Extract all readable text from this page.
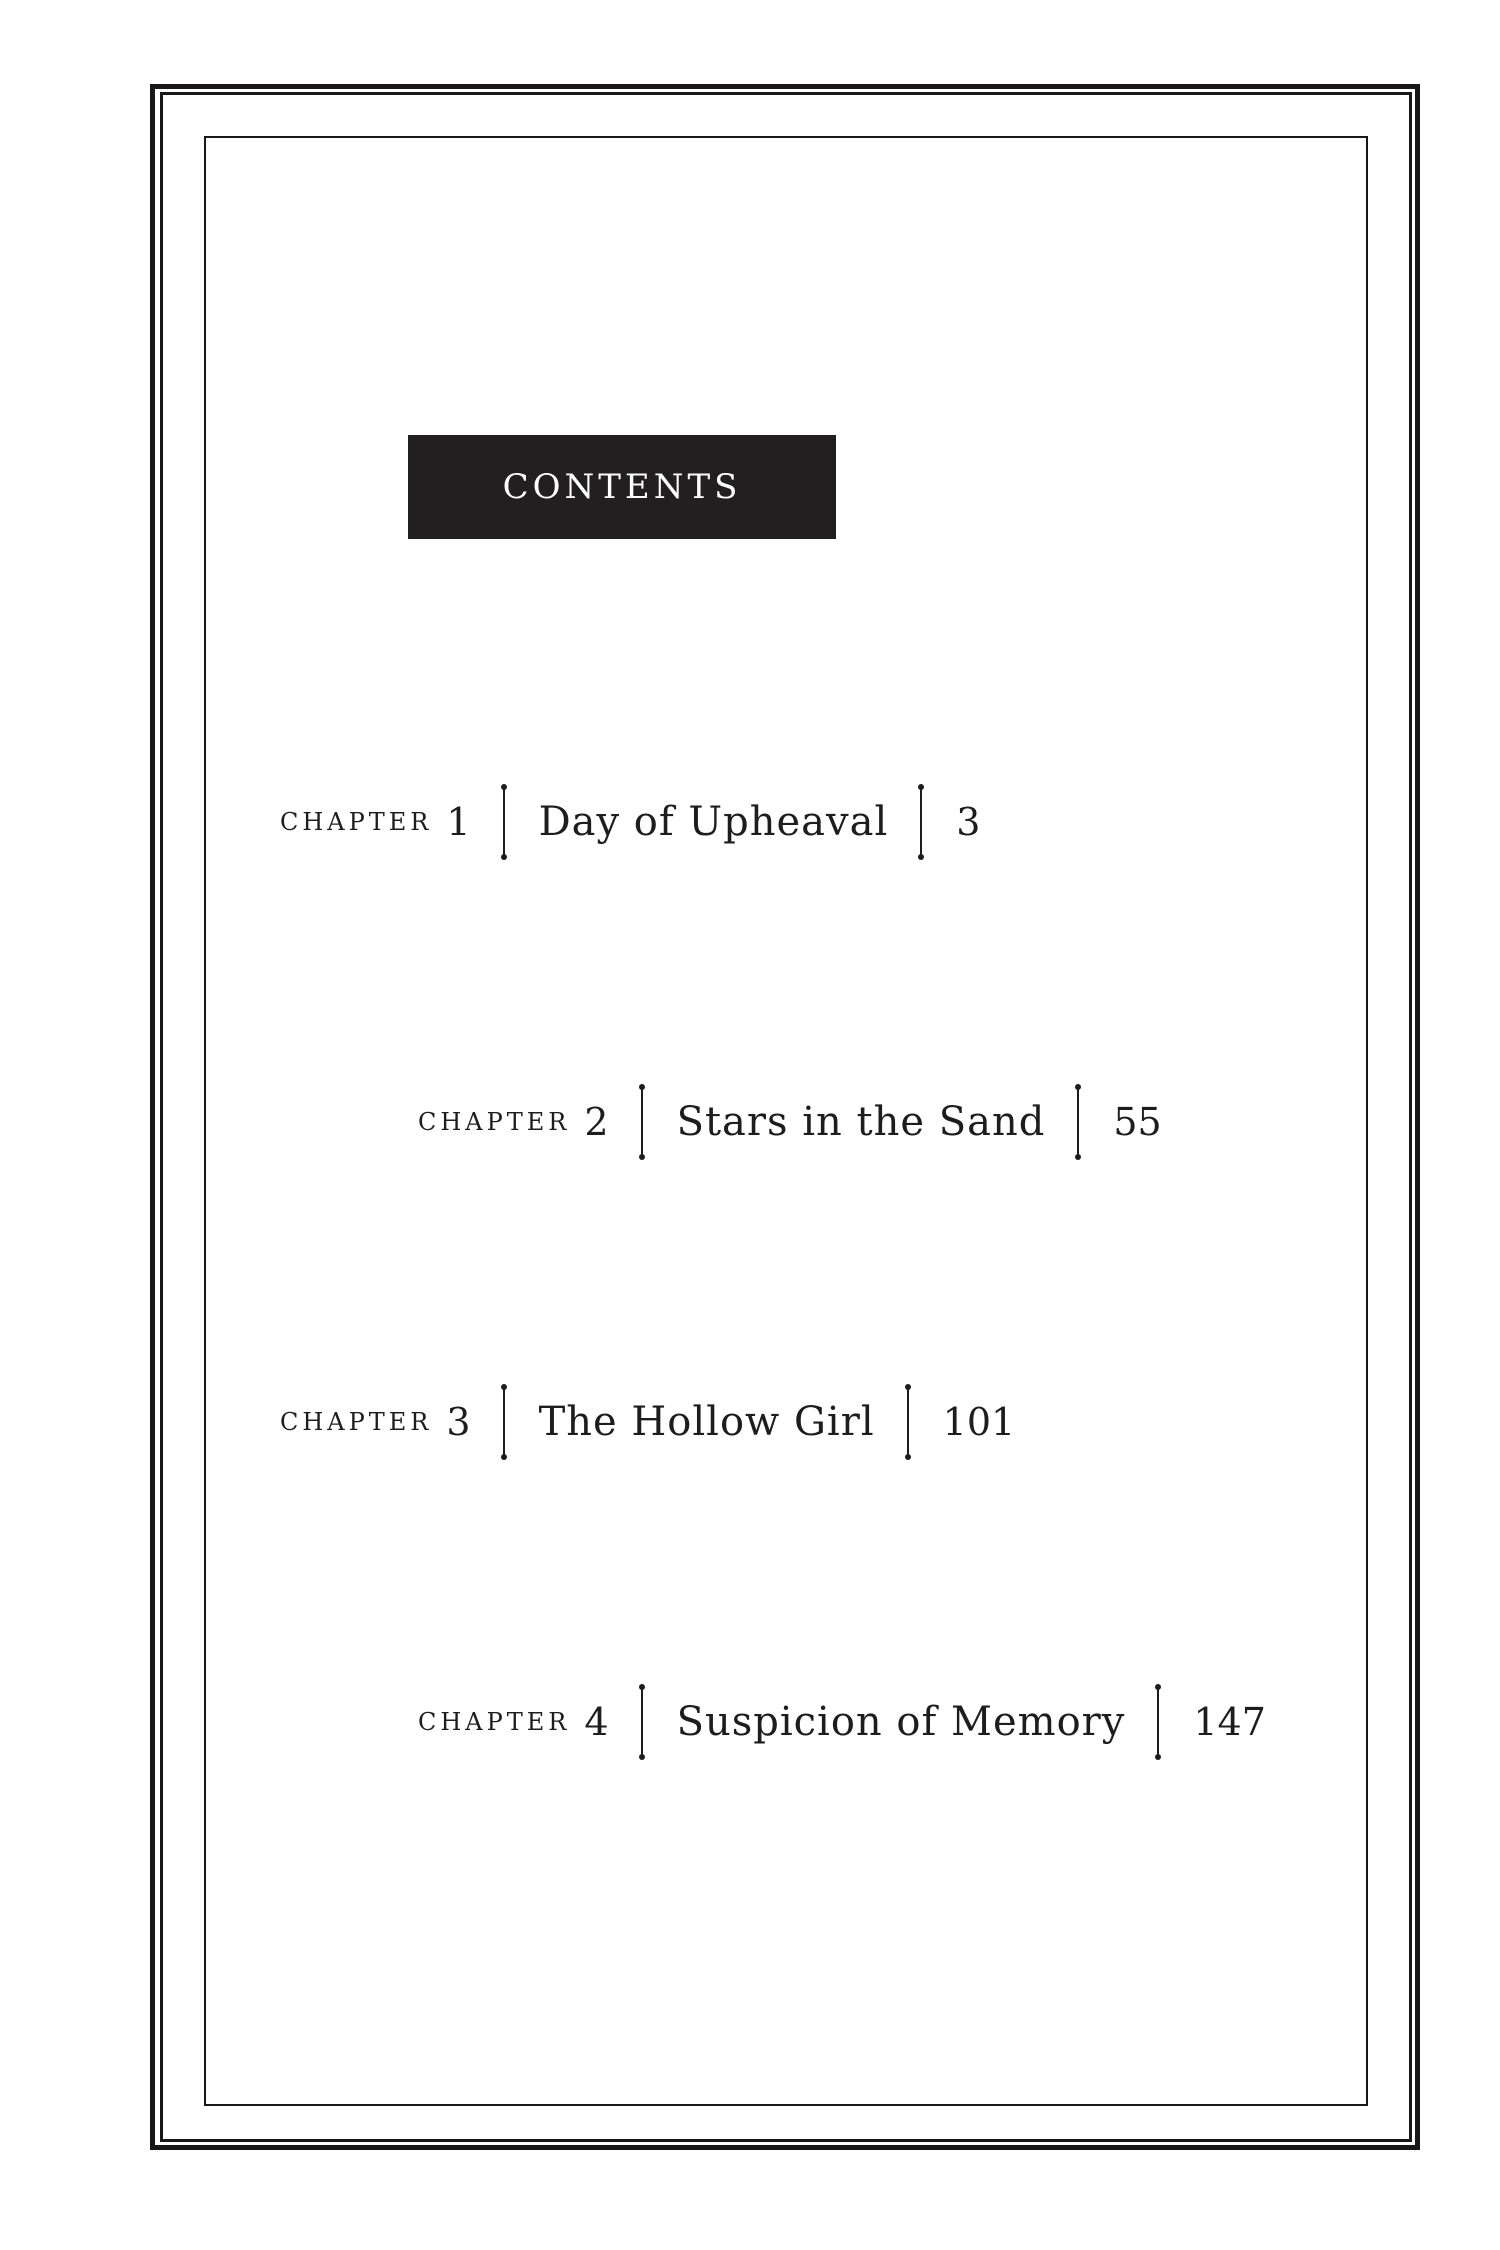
CONTENTS
CHAPTER 1 Day of Upheaval 3
CHAPTER 2 Stars in the Sand 55
CHAPTER 3 The Hollow Girl 101
CHAPTER 4 Suspicion of Memory 147
